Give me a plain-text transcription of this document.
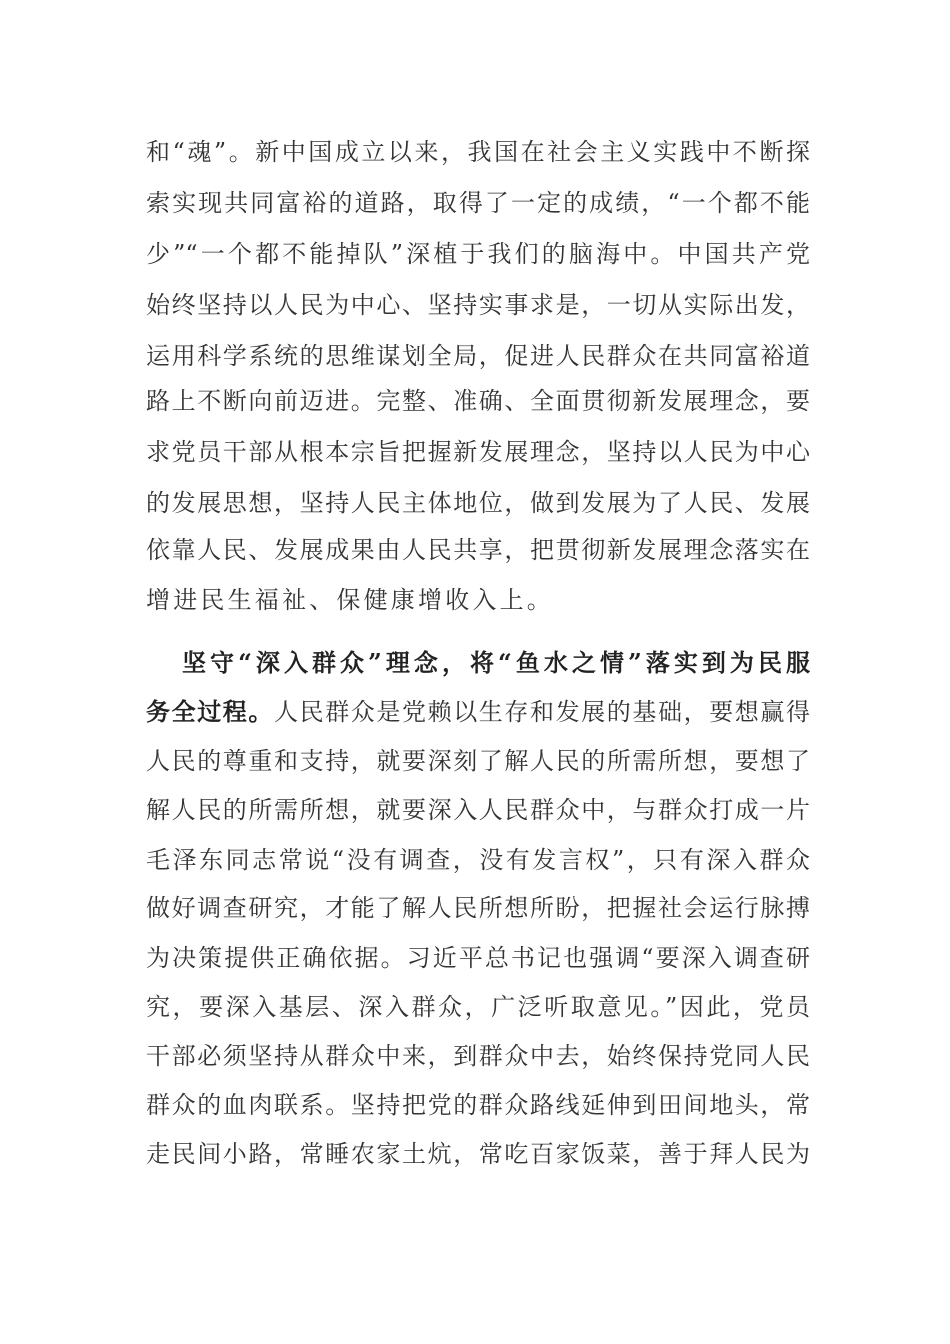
和“魂”。新中国成立以来，我国在社会主义实践中不断探
索实现共同富裕的道路，取得了一定的成绩，“一个都不能
少”“一个都不能掉队”深植于我们的脑海中。中国共产党
始终坚持以人民为中心、坚持实事求是，一切从实际出发，
运用科学系统的思维谋划全局，促进人民群众在共同富裕道
路上不断向前迈进。完整、准确、全面贯彻新发展理念，要
求党员干部从根本宗旨把握新发展理念，坚持以人民为中心
的发展思想，坚持人民主体地位，做到发展为了人民、发展
依靠人民、发展成果由人民共享，把贯彻新发展理念落实在
增进民生福祉、保健康增收入上。
坚守“深入群众”理念，将“鱼水之情”落实到为民服
务全过程。人民群众是党赖以生存和发展的基础，要想赢得
人民的尊重和支持，就要深刻了解人民的所需所想，要想了
解人民的所需所想，就要深入人民群众中，与群众打成一片
毛泽东同志常说“没有调查，没有发言权”，只有深入群众
做好调查研究，才能了解人民所想所盼，把握社会运行脉搏
为决策提供正确依据。习近平总书记也强调“要深入调查研
究，要深入基层、深入群众，广泛听取意见。”因此，党员
干部必须坚持从群众中来，到群众中去，始终保持党同人民
群众的血肉联系。坚持把党的群众路线延伸到田间地头，常
走民间小路，常睡农家土炕，常吃百家饭菜，善于拜人民为
